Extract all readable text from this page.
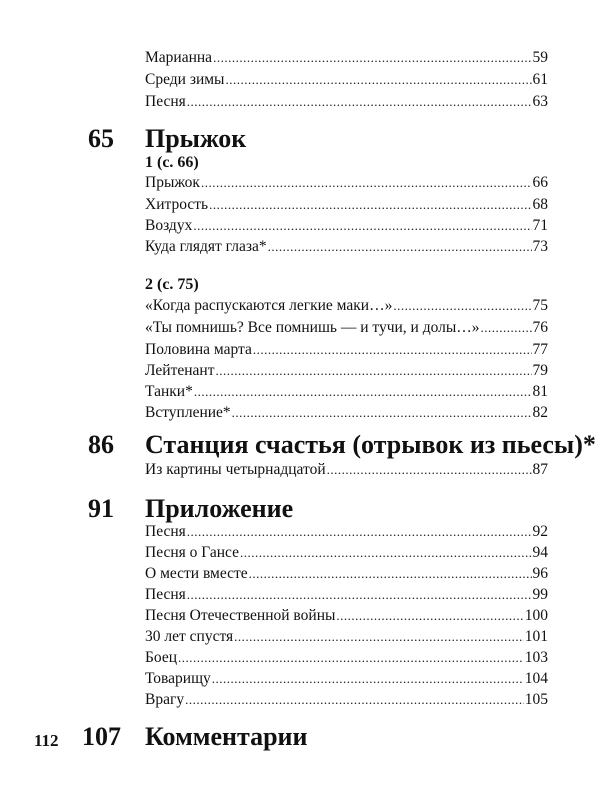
Марианна .....	59
Среди зимы .....	61
Песня .....	63
65 Прыжок
1 (с. 66)
Прыжок .....	66
Хитрость .....	68
Воздух .....	71
Куда глядят глаза* .....	73
2 (с. 75)
«Когда распускаются легкие маки…» .....	75
«Ты помнишь? Все помнишь — и тучи, и долы…» .....	76
Половина марта .....	77
Лейтенант .....	79
Танки* .....	81
Вступление* .....	82
86 Станция счастья (отрывок из пьесы)*
Из картины четырнадцатой .....	87
91 Приложение
Песня .....	92
Песня о Гансе .....	94
О мести вместе .....	96
Песня .....	99
Песня Отечественной войны .....	100
30 лет спустя .....	101
Боец .....	103
Товарищу .....	104
Врагу .....	105
107 Комментарии
112
